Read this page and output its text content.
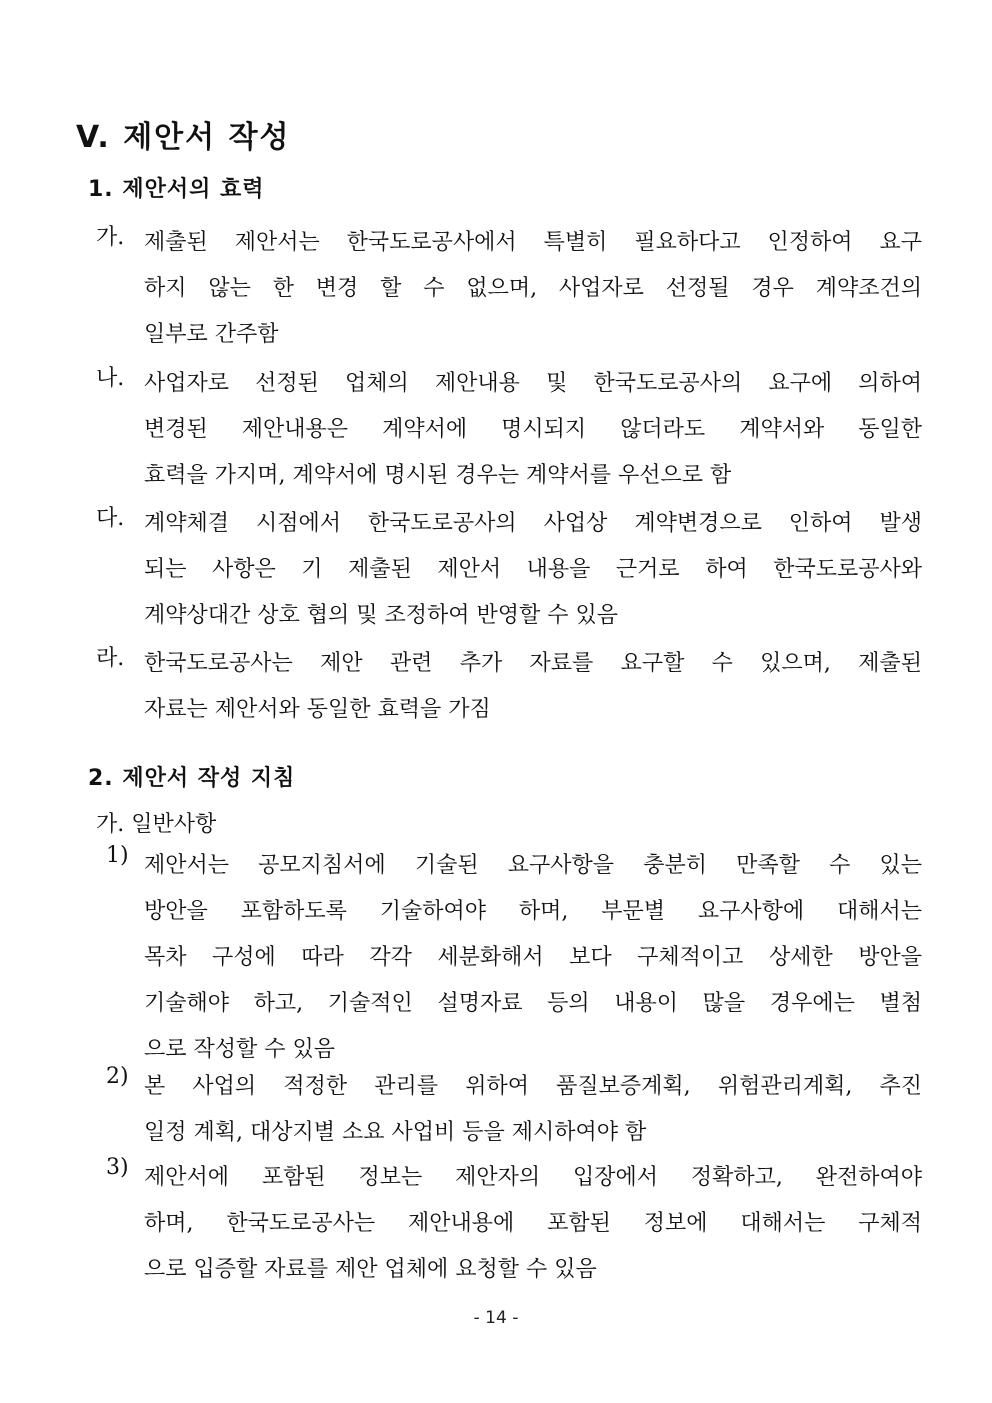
V. 제안서 작성
1. 제안서의 효력
가. 제출된 제안서는 한국도로공사에서 특별히 필요하다고 인정하여 요구
하지 않는 한 변경 할 수 없으며, 사업자로 선정될 경우 계약조건의
일부로 간주함
나. 사업자로 선정된 업체의 제안내용 및 한국도로공사의 요구에 의하여
변경된 제안내용은 계약서에 명시되지 않더라도 계약서와 동일한
효력을 가지며, 계약서에 명시된 경우는 계약서를 우선으로 함
다. 계약체결 시점에서 한국도로공사의 사업상 계약변경으로 인하여 발생
되는 사항은 기 제출된 제안서 내용을 근거로 하여 한국도로공사와
계약상대간 상호 협의 및 조정하여 반영할 수 있음
라. 한국도로공사는 제안 관련 추가 자료를 요구할 수 있으며, 제출된
자료는 제안서와 동일한 효력을 가짐
2. 제안서 작성 지침
가. 일반사항
1) 제안서는 공모지침서에 기술된 요구사항을 충분히 만족할 수 있는
방안을 포함하도록 기술하여야 하며, 부문별 요구사항에 대해서는
목차 구성에 따라 각각 세분화해서 보다 구체적이고 상세한 방안을
기술해야 하고, 기술적인 설명자료 등의 내용이 많을 경우에는 별첨
으로 작성할 수 있음
2) 본 사업의 적정한 관리를 위하여 품질보증계획, 위험관리계획, 추진
일정 계획, 대상지별 소요 사업비 등을 제시하여야 함
3) 제안서에 포함된 정보는 제안자의 입장에서 정확하고, 완전하여야
하며, 한국도로공사는 제안내용에 포함된 정보에 대해서는 구체적
으로 입증할 자료를 제안 업체에 요청할 수 있음
- 14 -
